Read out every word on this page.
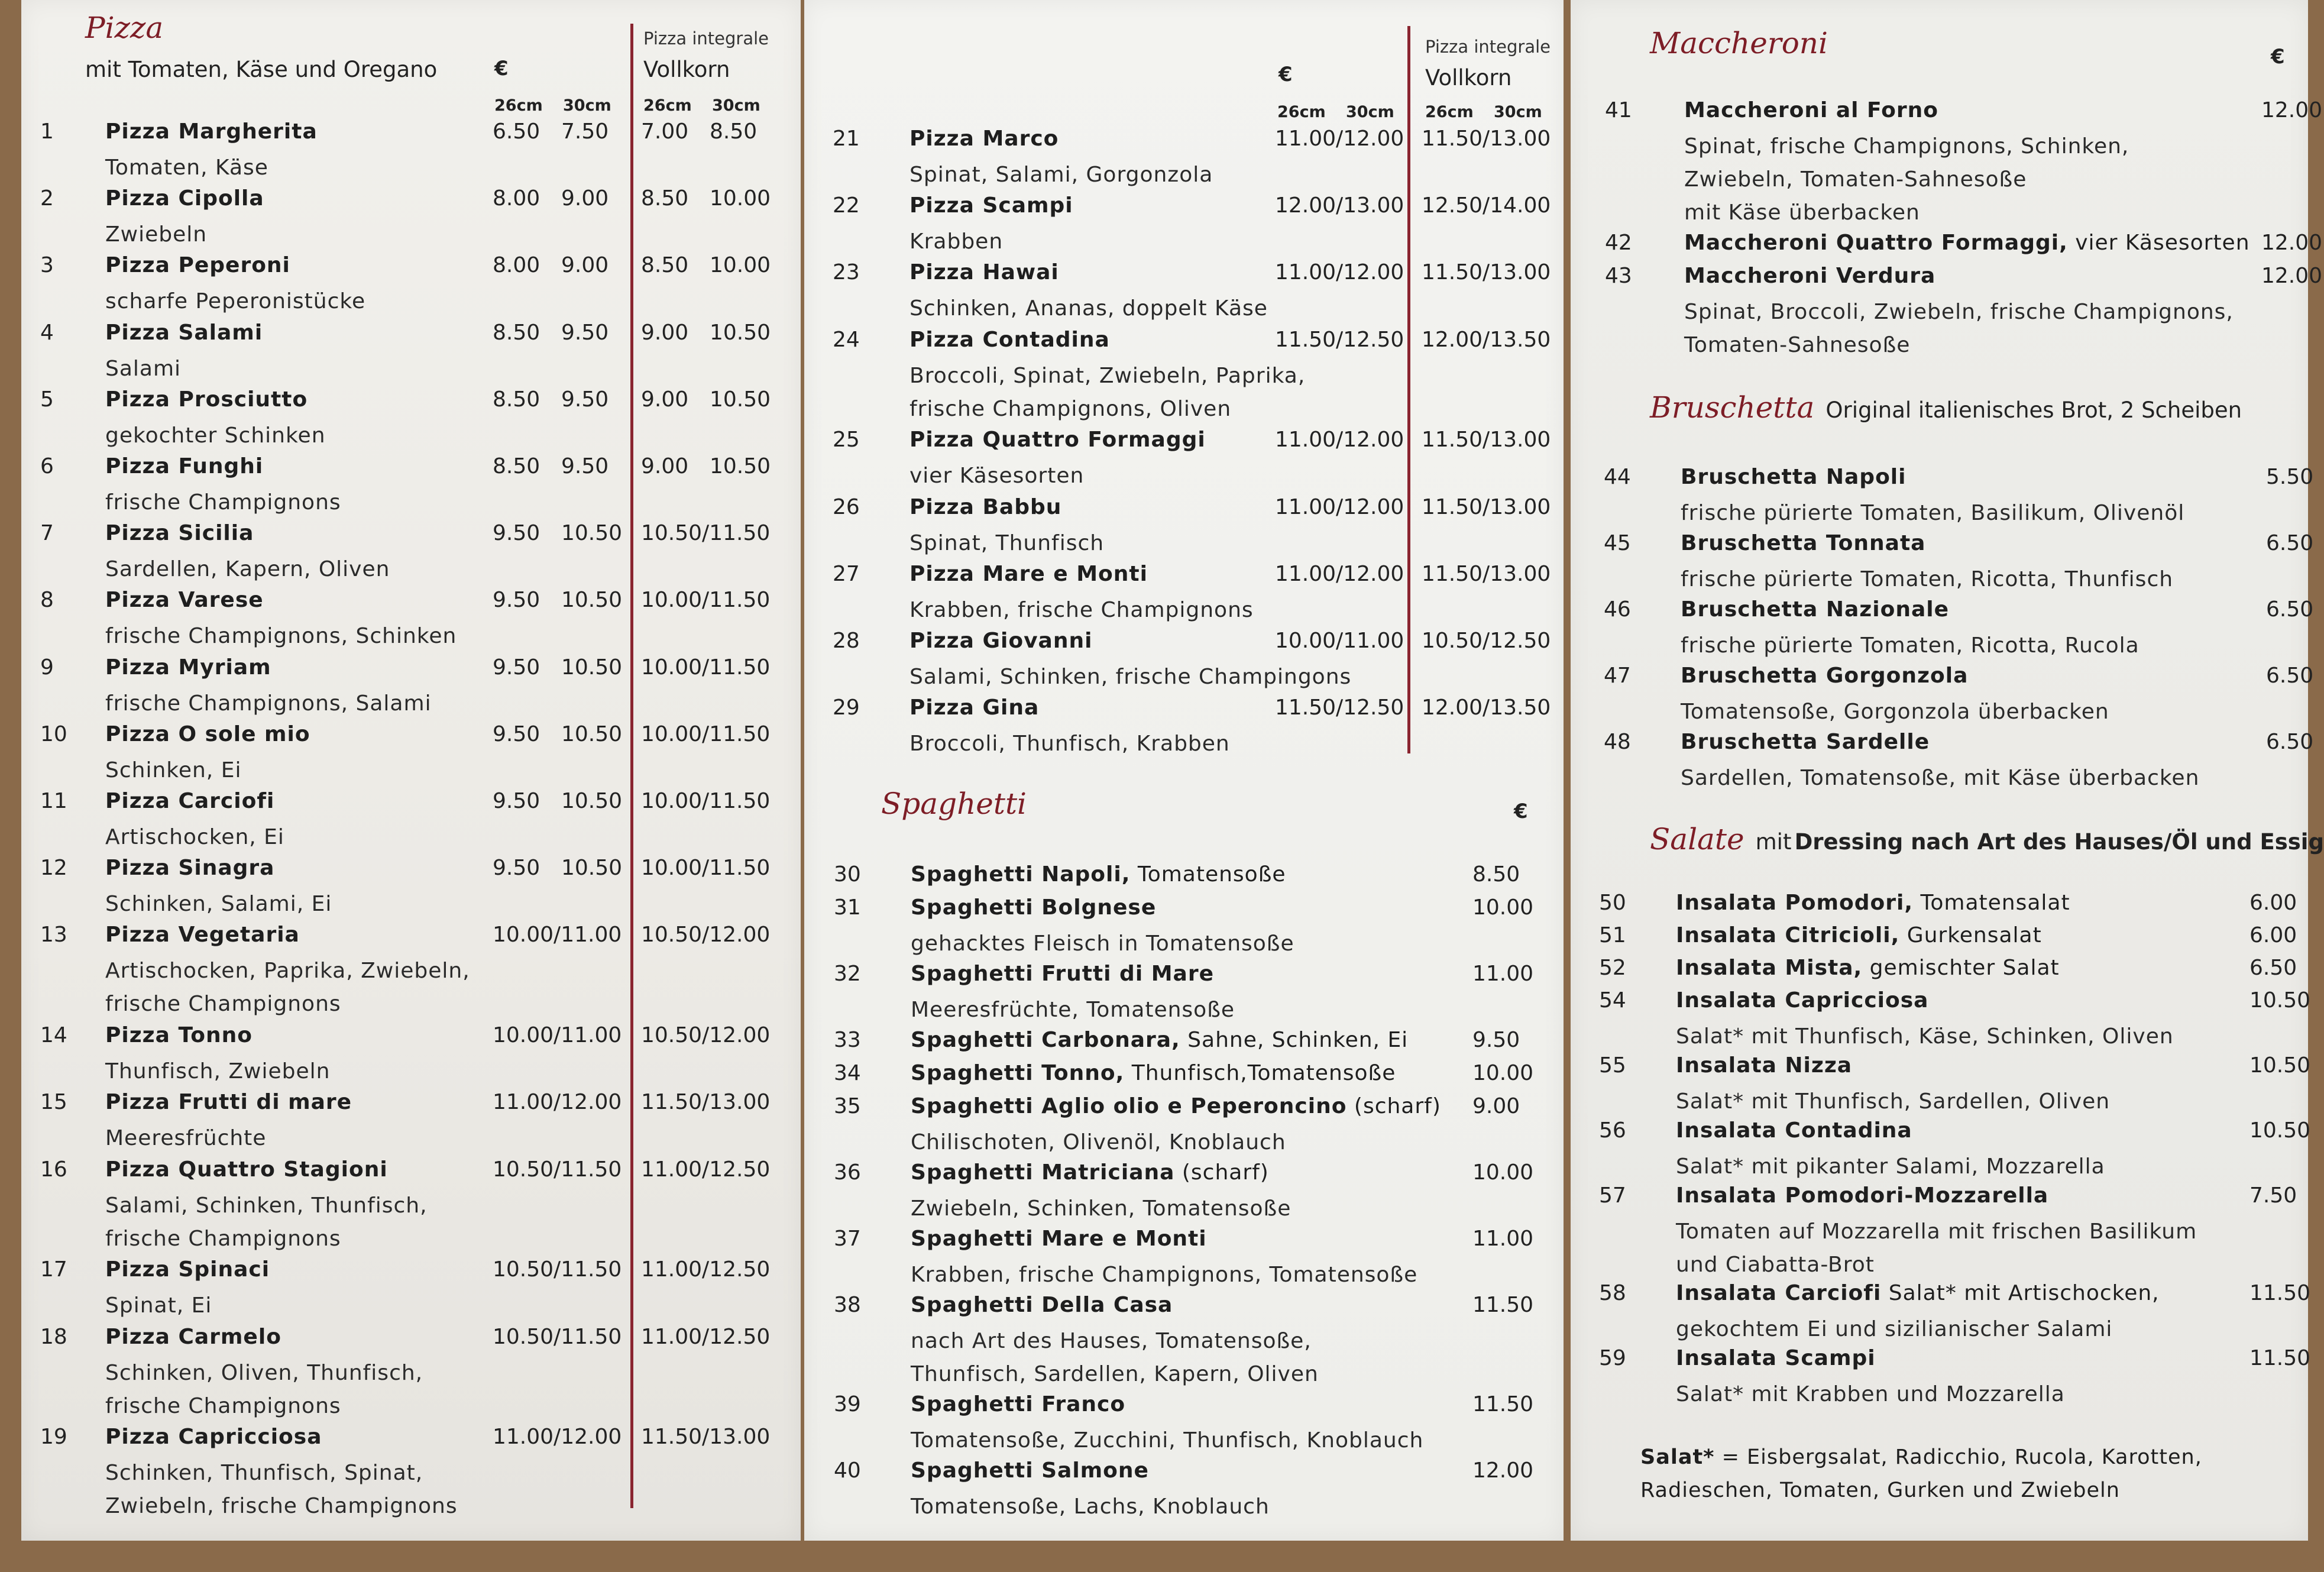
Pizza
mit Tomaten, Käse und Oregano	€
Pizza integrale
Vollkorn
26cm 30cm 26cm 30cm
1 Pizza Margherita	6.50 7.50 7.00 8.50
Tomaten, Käse
2 Pizza Cipolla	8.00 9.00 8.50 10.00
Zwiebeln
3 Pizza Peperoni	8.00 9.00 8.50 10.00
scharfe Peperonistücke
4 Pizza Salami	8.50 9.50 9.00 10.50
Salami
5 Pizza Prosciutto	8.50 9.50 9.00 10.50
gekochter Schinken
6 Pizza Funghi	8.50 9.50 9.00 10.50
frische Champignons
7 Pizza Sicilia	9.50 10.50 10.50/11.50
Sardellen, Kapern, Oliven
8 Pizza Varese	9.50 10.50 10.00/11.50
frische Champignons, Schinken
9 Pizza Myriam	9.50 10.50 10.00/11.50
frische Champignons, Salami
10 Pizza O sole mio	9.50 10.50 10.00/11.50
Schinken, Ei
11 Pizza Carciofi	9.50 10.50 10.00/11.50
Artischocken, Ei
12 Pizza Sinagra	9.50 10.50 10.00/11.50
Schinken, Salami, Ei
13 Pizza Vegetaria	10.00/11.00 10.50/12.00
Artischocken, Paprika, Zwiebeln,
frische Champignons
14 Pizza Tonno	10.00/11.00 10.50/12.00
Thunfisch, Zwiebeln
15 Pizza Frutti di mare	11.00/12.00 11.50/13.00
Meeresfrüchte
16 Pizza Quattro Stagioni	10.50/11.50 11.00/12.50
Salami, Schinken, Thunfisch,
frische Champignons
17 Pizza Spinaci	10.50/11.50 11.00/12.50
Spinat, Ei
18 Pizza Carmelo	10.50/11.50 11.00/12.50
Schinken, Oliven, Thunfisch,
frische Champignons
19 Pizza Capricciosa	11.00/12.00 11.50/13.00
Schinken, Thunfisch, Spinat,
Zwiebeln, frische Champignons
€
Pizza integrale
Vollkorn
26cm 30cm 26cm 30cm
21 Pizza Marco	11.00/12.00 11.50/13.00
Spinat, Salami, Gorgonzola
22 Pizza Scampi	12.00/13.00 12.50/14.00
Krabben
23 Pizza Hawai	11.00/12.00 11.50/13.00
Schinken, Ananas, doppelt Käse
24 Pizza Contadina	11.50/12.50 12.00/13.50
Broccoli, Spinat, Zwiebeln, Paprika,
frische Champignons, Oliven
25 Pizza Quattro Formaggi	11.00/12.00 11.50/13.00
vier Käsesorten
26 Pizza Babbu	11.00/12.00 11.50/13.00
Spinat, Thunfisch
27 Pizza Mare e Monti	11.00/12.00 11.50/13.00
Krabben, frische Champignons
28 Pizza Giovanni	10.00/11.00 10.50/12.50
Salami, Schinken, frische Champingons
29 Pizza Gina	11.50/12.50 12.00/13.50
Broccoli, Thunfisch, Krabben
Spaghetti	€
30 Spaghetti Napoli, Tomatensoße	8.50
31 Spaghetti Bolgnese	10.00
gehacktes Fleisch in Tomatensoße
32 Spaghetti Frutti di Mare	11.00
Meeresfrüchte, Tomatensoße
33 Spaghetti Carbonara, Sahne, Schinken, Ei	9.50
34 Spaghetti Tonno, Thunfisch,Tomatensoße	10.00
35 Spaghetti Aglio olio e Peperoncino (scharf) 9.00
Chilischoten, Olivenöl, Knoblauch
36 Spaghetti Matriciana (scharf)	10.00
Zwiebeln, Schinken, Tomatensoße
37 Spaghetti Mare e Monti	11.00
Krabben, frische Champignons, Tomatensoße
38 Spaghetti Della Casa	11.50
nach Art des Hauses, Tomatensoße,
Thunfisch, Sardellen, Kapern, Oliven
39 Spaghetti Franco	11.50
Tomatensoße, Zucchini, Thunfisch, Knoblauch
40 Spaghetti Salmone	12.00
Tomatensoße, Lachs, Knoblauch
Maccheroni	€
41 Maccheroni al Forno	12.00
Spinat, frische Champignons, Schinken,
Zwiebeln, Tomaten-Sahnesoße
mit Käse überbacken
42 Maccheroni Quattro Formaggi, vier Käsesorten 12.00
43 Maccheroni Verdura	12.00
Spinat, Broccoli, Zwiebeln, frische Champignons,
Tomaten-Sahnesoße
Bruschetta Original italienisches Brot, 2 Scheiben
44 Bruschetta Napoli	5.50
frische pürierte Tomaten, Basilikum, Olivenöl
45 Bruschetta Tonnata	6.50
frische pürierte Tomaten, Ricotta, Thunfisch
46 Bruschetta Nazionale	6.50
frische pürierte Tomaten, Ricotta, Rucola
47 Bruschetta Gorgonzola	6.50
Tomatensoße, Gorgonzola überbacken
48 Bruschetta Sardelle	6.50
Sardellen, Tomatensoße, mit Käse überbacken
Salate mit Dressing nach Art des Hauses/Öl und Essig
50 Insalata Pomodori, Tomatensalat	6.00
51 Insalata Citricioli, Gurkensalat	6.00
52 Insalata Mista, gemischter Salat	6.50
54 Insalata Capricciosa	10.50
Salat* mit Thunfisch, Käse, Schinken, Oliven
55 Insalata Nizza	10.50
Salat* mit Thunfisch, Sardellen, Oliven
56 Insalata Contadina	10.50
Salat* mit pikanter Salami, Mozzarella
57 Insalata Pomodori-Mozzarella	7.50
Tomaten auf Mozzarella mit frischen Basilikum
und Ciabatta-Brot
58 Insalata Carciofi Salat* mit Artischocken,	11.50
gekochtem Ei und sizilianischer Salami
59 Insalata Scampi	11.50
Salat* mit Krabben und Mozzarella
Salat* = Eisbergsalat, Radicchio, Rucola, Karotten,
Radieschen, Tomaten, Gurken und Zwiebeln
